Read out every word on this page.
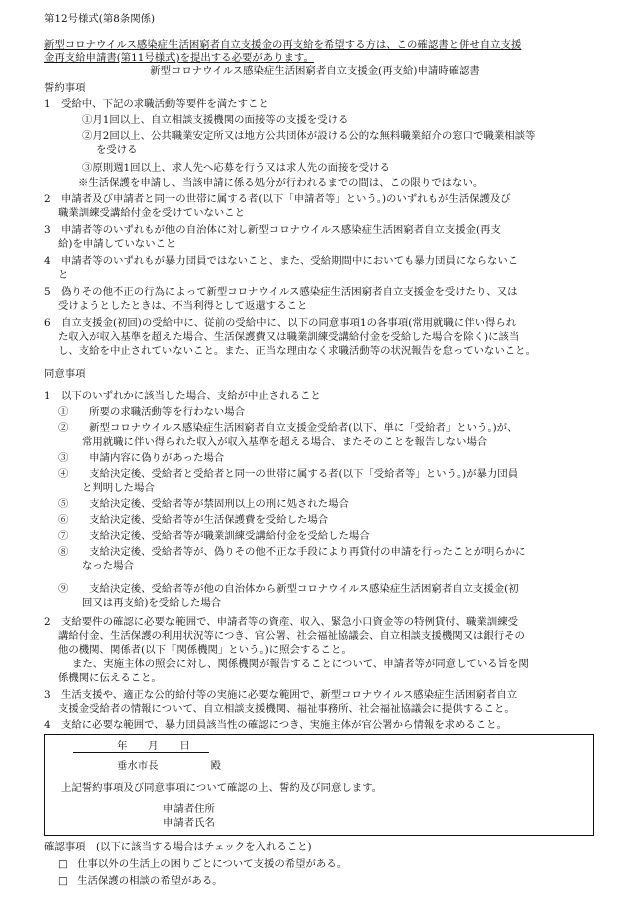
第12号様式(第8条関係)
新型コロナウイルス感染症生活困窮者自立支援金の再支給を希望する方は、この確認書と併せ自立支援
金再支給申請書(第11号様式)を提出する必要があります。
新型コロナウイルス感染症生活困窮者自立支援金(再支給)申請時確認書
誓約事項
1　受給中、下記の求職活動等要件を満たすこと
①月1回以上、自立相談支援機関の面接等の支援を受ける
②月2回以上、公共職業安定所又は地方公共団体が設ける公的な無料職業紹介の窓口で職業相談等
を受ける
③原則週1回以上、求人先へ応募を行う又は求人先の面接を受ける
※生活保護を申請し、当該申請に係る処分が行われるまでの間は、この限りではない。
2　申請者及び申請者と同一の世帯に属する者(以下「申請者等」という。)のいずれもが生活保護及び
職業訓練受講給付金を受けていないこと
3　申請者等のいずれもが他の自治体に対し新型コロナウイルス感染症生活困窮者自立支援金(再支
給)を申請していないこと
4　申請者等のいずれもが暴力団員ではないこと、また、受給期間中においても暴力団員にならないこ
と
5　偽りその他不正の行為によって新型コロナウイルス感染症生活困窮者自立支援金を受けたり、又は
受けようとしたときは、不当利得として返還すること
6　自立支援金(初回)の受給中に、従前の受給中に、以下の同意事項1の各事項(常用就職に伴い得られ
た収入が収入基準を超えた場合、生活保護費又は職業訓練受講給付金を受給した場合を除く)に該当
し、支給を中止されていないこと。また、正当な理由なく求職活動等の状況報告を怠っていないこと。
同意事項
1　以下のいずれかに該当した場合、支給が中止されること
①　　所要の求職活動等を行わない場合
②　　新型コロナウイルス感染症生活困窮者自立支援金受給者(以下、単に「受給者」という。)が、
常用就職に伴い得られた収入が収入基準を超える場合、またそのことを報告しない場合
③　　申請内容に偽りがあった場合
④　　支給決定後、受給者と受給者と同一の世帯に属する者(以下「受給者等」という。)が暴力団員
と判明した場合
⑤　　支給決定後、受給者等が禁固刑以上の刑に処された場合
⑥　　支給決定後、受給者等が生活保護費を受給した場合
⑦　　支給決定後、受給者等が職業訓練受講給付金を受給した場合
⑧　　支給決定後、受給者等が、偽りその他不正な手段により再貸付の申請を行ったことが明らかに
なった場合
⑨　　支給決定後、受給者等が他の自治体から新型コロナウイルス感染症生活困窮者自立支援金(初
回又は再支給)を受給した場合
2　支給要件の確認に必要な範囲で、申請者等の資産、収入、緊急小口資金等の特例貸付、職業訓練受
講給付金、生活保護の利用状況等につき、官公署、社会福祉協議会、自立相談支援機関又は銀行その
他の機関、関係者(以下「関係機関」という。)に照会すること。
また、実施主体の照会に対し、関係機関が報告することについて、申請者等が同意している旨を関
係機関に伝えること。
3　生活支援や、適正な公的給付等の実施に必要な範囲で、新型コロナウイルス感染症生活困窮者自立
支援金受給者の情報について、自立相談支援機関、福祉事務所、社会福祉協議会に提供すること。
4　支給に必要な範囲で、暴力団員該当性の確認につき、実施主体が官公署から情報を求めること。
年　　月　　日
垂水市長　　　　　殿
上記誓約事項及び同意事項について確認の上、誓約及び同意します。
申請者住所
申請者氏名
確認事項　(以下に該当する場合はチェックを入れること)
□ 仕事以外の生活上の困りごとについて支援の希望がある。
□ 生活保護の相談の希望がある。
